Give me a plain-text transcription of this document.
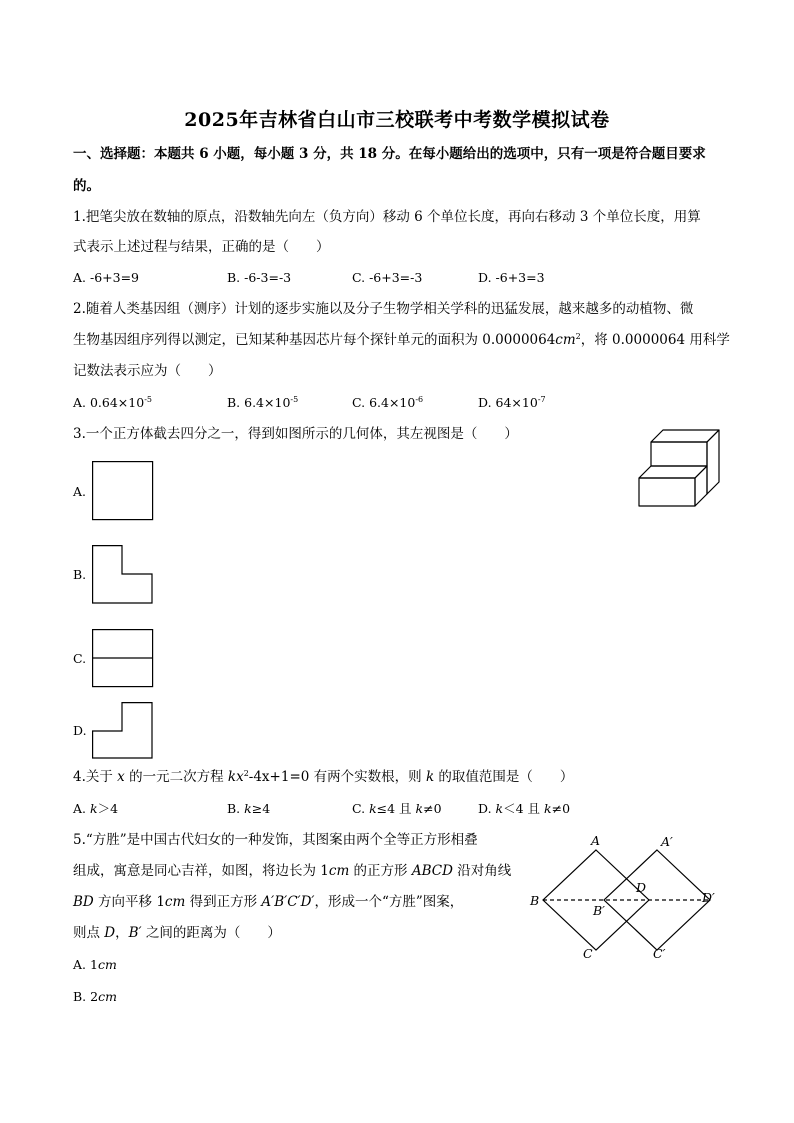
2025年吉林省白山市三校联考中考数学模拟试卷
一、选择题：本题共 6 小题，每小题 3 分，共 18 分。在每小题给出的选项中，只有一项是符合题目要求
的。
1.把笔尖放在数轴的原点，沿数轴先向左（负方向）移动 6 个单位长度，再向右移动 3 个单位长度，用算
式表示上述过程与结果，正确的是（　　）
A. -6+3=9	B. -6-3=-3	C. -6+3=-3	D. -6+3=3
2.随着人类基因组（测序）计划的逐步实施以及分子生物学相关学科的迅猛发展，越来越多的动植物、微
生物基因组序列得以测定，已知某种基因芯片每个探针单元的面积为 $0.0000064cm^2$，将 0.0000064 用科学
记数法表示应为（　　）
A. $0.64\times 10^{-5}$	B. $6.4\times 10^{-5}$	C. $6.4\times 10^{-6}$	D. $64\times 10^{-7}$
3.一个正方体截去四分之一，得到如图所示的几何体，其左视图是（　　）
A.
B.
C.
D.
4.关于 x 的一元二次方程 $kx^2-4x+1=0$ 有两个实数根，则 k 的取值范围是（　　）
A. k＞4	B. k≥4	C. k≤4 且 k≠0	D. k＜4 且 k≠0
5.“方胜”是中国古代妇女的一种发饰，其图案由两个全等正方形相叠
组成，寓意是同心吉祥，如图，将边长为 1cm 的正方形 ABCD 沿对角线
BD 方向平移 1cm 得到正方形 A′B′C′D′，形成一个“方胜”图案，
则点 D，B′ 之间的距离为（　　）
A. 1cm
B. 2cm
A
B
C
D
A′
B′
C′
D′
